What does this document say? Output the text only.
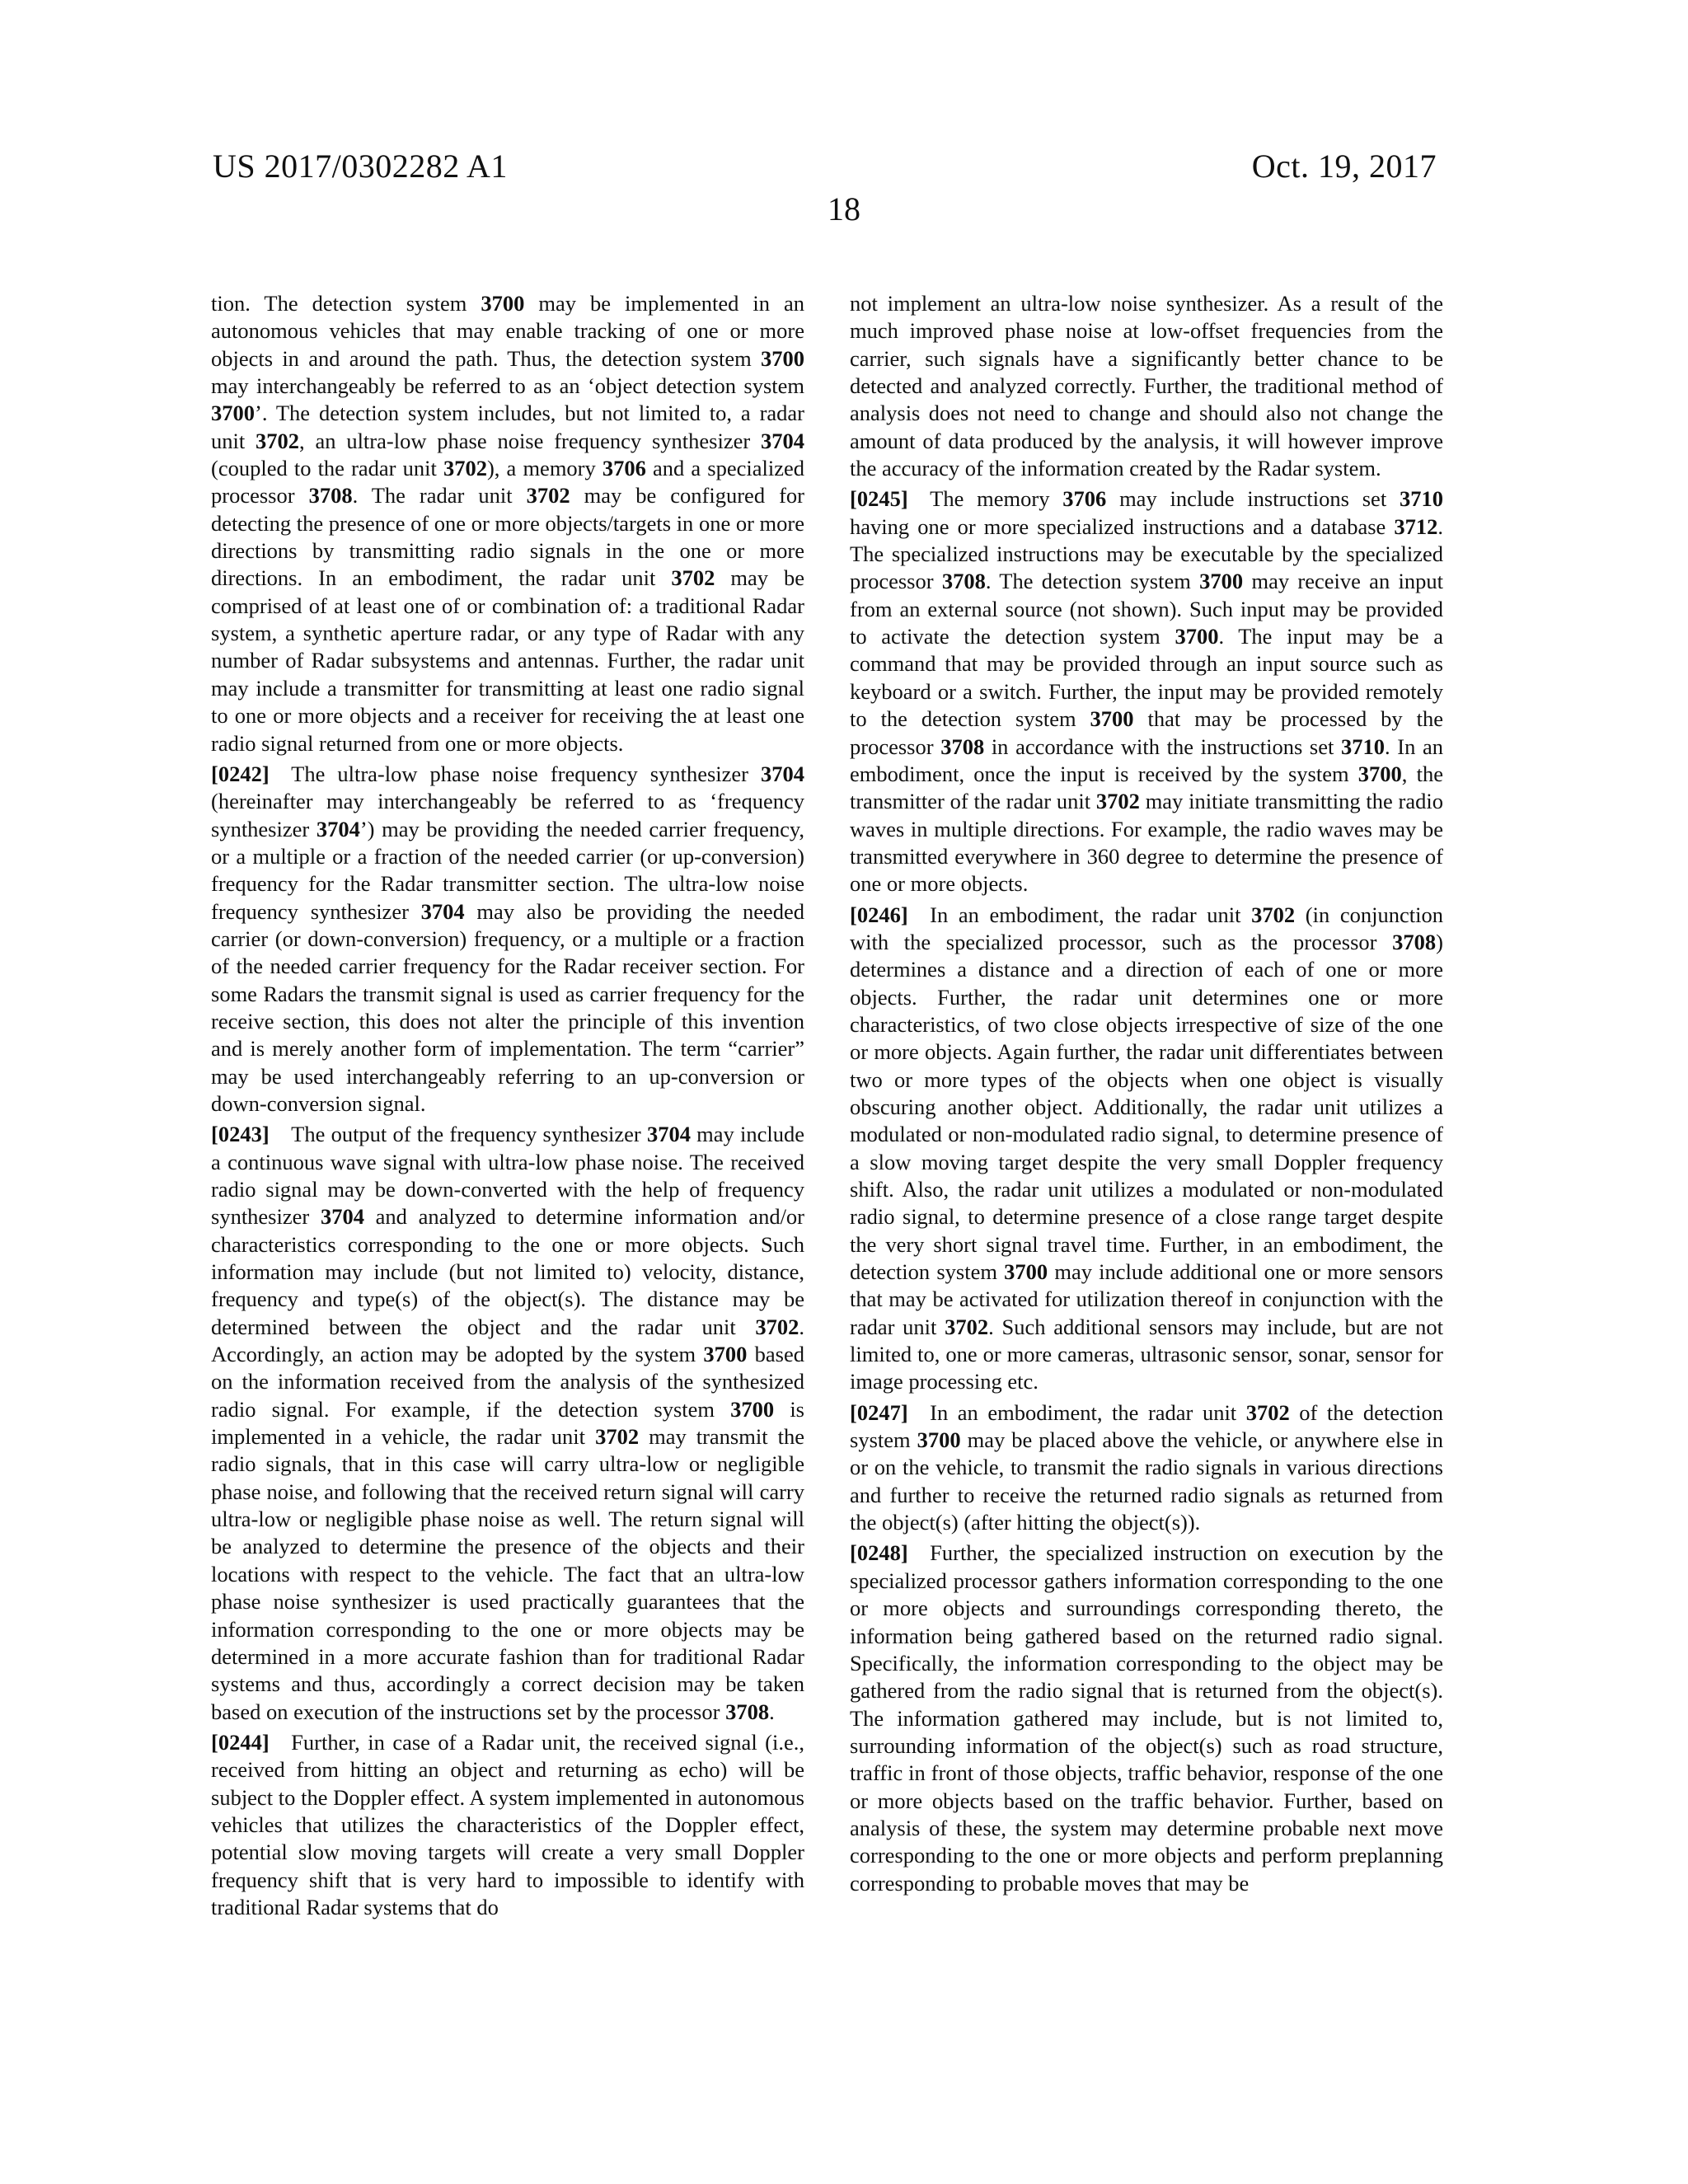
US 2017/0302282 A1	Oct. 19, 2017
18

tion. The detection system 3700 may be implemented in an autonomous vehicles that may enable tracking of one or more objects in and around the path. Thus, the detection system 3700 may interchangeably be referred to as an ‘object detection system 3700’. The detection system includes, but not limited to, a radar unit 3702, an ultra-low phase noise frequency synthesizer 3704 (coupled to the radar unit 3702), a memory 3706 and a specialized processor 3708. The radar unit 3702 may be configured for detecting the presence of one or more objects/targets in one or more directions by transmitting radio signals in the one or more directions. In an embodiment, the radar unit 3702 may be comprised of at least one of or combination of: a traditional Radar system, a synthetic aperture radar, or any type of Radar with any number of Radar subsystems and antennas. Further, the radar unit may include a transmitter for transmitting at least one radio signal to one or more objects and a receiver for receiving the at least one radio signal returned from one or more objects.

[0242]  The ultra-low phase noise frequency synthesizer 3704 (hereinafter may interchangeably be referred to as ‘frequency synthesizer 3704’) may be providing the needed carrier frequency, or a multiple or a fraction of the needed carrier (or up-conversion) frequency for the Radar transmitter section. The ultra-low noise frequency synthesizer 3704 may also be providing the needed carrier (or down-conversion) frequency, or a multiple or a fraction of the needed carrier frequency for the Radar receiver section. For some Radars the transmit signal is used as carrier frequency for the receive section, this does not alter the principle of this invention and is merely another form of implementation. The term “carrier” may be used interchangeably referring to an up-conversion or down-conversion signal.

[0243]  The output of the frequency synthesizer 3704 may include a continuous wave signal with ultra-low phase noise. The received radio signal may be down-converted with the help of frequency synthesizer 3704 and analyzed to determine information and/or characteristics corresponding to the one or more objects. Such information may include (but not limited to) velocity, distance, frequency and type(s) of the object(s). The distance may be determined between the object and the radar unit 3702. Accordingly, an action may be adopted by the system 3700 based on the information received from the analysis of the synthesized radio signal. For example, if the detection system 3700 is implemented in a vehicle, the radar unit 3702 may transmit the radio signals, that in this case will carry ultra-low or negligible phase noise, and following that the received return signal will carry ultra-low or negligible phase noise as well. The return signal will be analyzed to determine the presence of the objects and their locations with respect to the vehicle. The fact that an ultra-low phase noise synthesizer is used practically guarantees that the information corresponding to the one or more objects may be determined in a more accurate fashion than for traditional Radar systems and thus, accordingly a correct decision may be taken based on execution of the instructions set by the processor 3708.

[0244]  Further, in case of a Radar unit, the received signal (i.e., received from hitting an object and returning as echo) will be subject to the Doppler effect. A system implemented in autonomous vehicles that utilizes the characteristics of the Doppler effect, potential slow moving targets will create a very small Doppler frequency shift that is very hard to impossible to identify with traditional Radar systems that do

not implement an ultra-low noise synthesizer. As a result of the much improved phase noise at low-offset frequencies from the carrier, such signals have a significantly better chance to be detected and analyzed correctly. Further, the traditional method of analysis does not need to change and should also not change the amount of data produced by the analysis, it will however improve the accuracy of the information created by the Radar system.

[0245]  The memory 3706 may include instructions set 3710 having one or more specialized instructions and a database 3712. The specialized instructions may be executable by the specialized processor 3708. The detection system 3700 may receive an input from an external source (not shown). Such input may be provided to activate the detection system 3700. The input may be a command that may be provided through an input source such as keyboard or a switch. Further, the input may be provided remotely to the detection system 3700 that may be processed by the processor 3708 in accordance with the instructions set 3710. In an embodiment, once the input is received by the system 3700, the transmitter of the radar unit 3702 may initiate transmitting the radio waves in multiple directions. For example, the radio waves may be transmitted everywhere in 360 degree to determine the presence of one or more objects.

[0246]  In an embodiment, the radar unit 3702 (in conjunction with the specialized processor, such as the processor 3708) determines a distance and a direction of each of one or more objects. Further, the radar unit determines one or more characteristics, of two close objects irrespective of size of the one or more objects. Again further, the radar unit differentiates between two or more types of the objects when one object is visually obscuring another object. Additionally, the radar unit utilizes a modulated or non-modulated radio signal, to determine presence of a slow moving target despite the very small Doppler frequency shift. Also, the radar unit utilizes a modulated or non-modulated radio signal, to determine presence of a close range target despite the very short signal travel time. Further, in an embodiment, the detection system 3700 may include additional one or more sensors that may be activated for utilization thereof in conjunction with the radar unit 3702. Such additional sensors may include, but are not limited to, one or more cameras, ultrasonic sensor, sonar, sensor for image processing etc.

[0247]  In an embodiment, the radar unit 3702 of the detection system 3700 may be placed above the vehicle, or anywhere else in or on the vehicle, to transmit the radio signals in various directions and further to receive the returned radio signals as returned from the object(s) (after hitting the object(s)).

[0248]  Further, the specialized instruction on execution by the specialized processor gathers information corresponding to the one or more objects and surroundings corresponding thereto, the information being gathered based on the returned radio signal. Specifically, the information corresponding to the object may be gathered from the radio signal that is returned from the object(s). The information gathered may include, but is not limited to, surrounding information of the object(s) such as road structure, traffic in front of those objects, traffic behavior, response of the one or more objects based on the traffic behavior. Further, based on analysis of these, the system may determine probable next move corresponding to the one or more objects and perform preplanning corresponding to probable moves that may be
